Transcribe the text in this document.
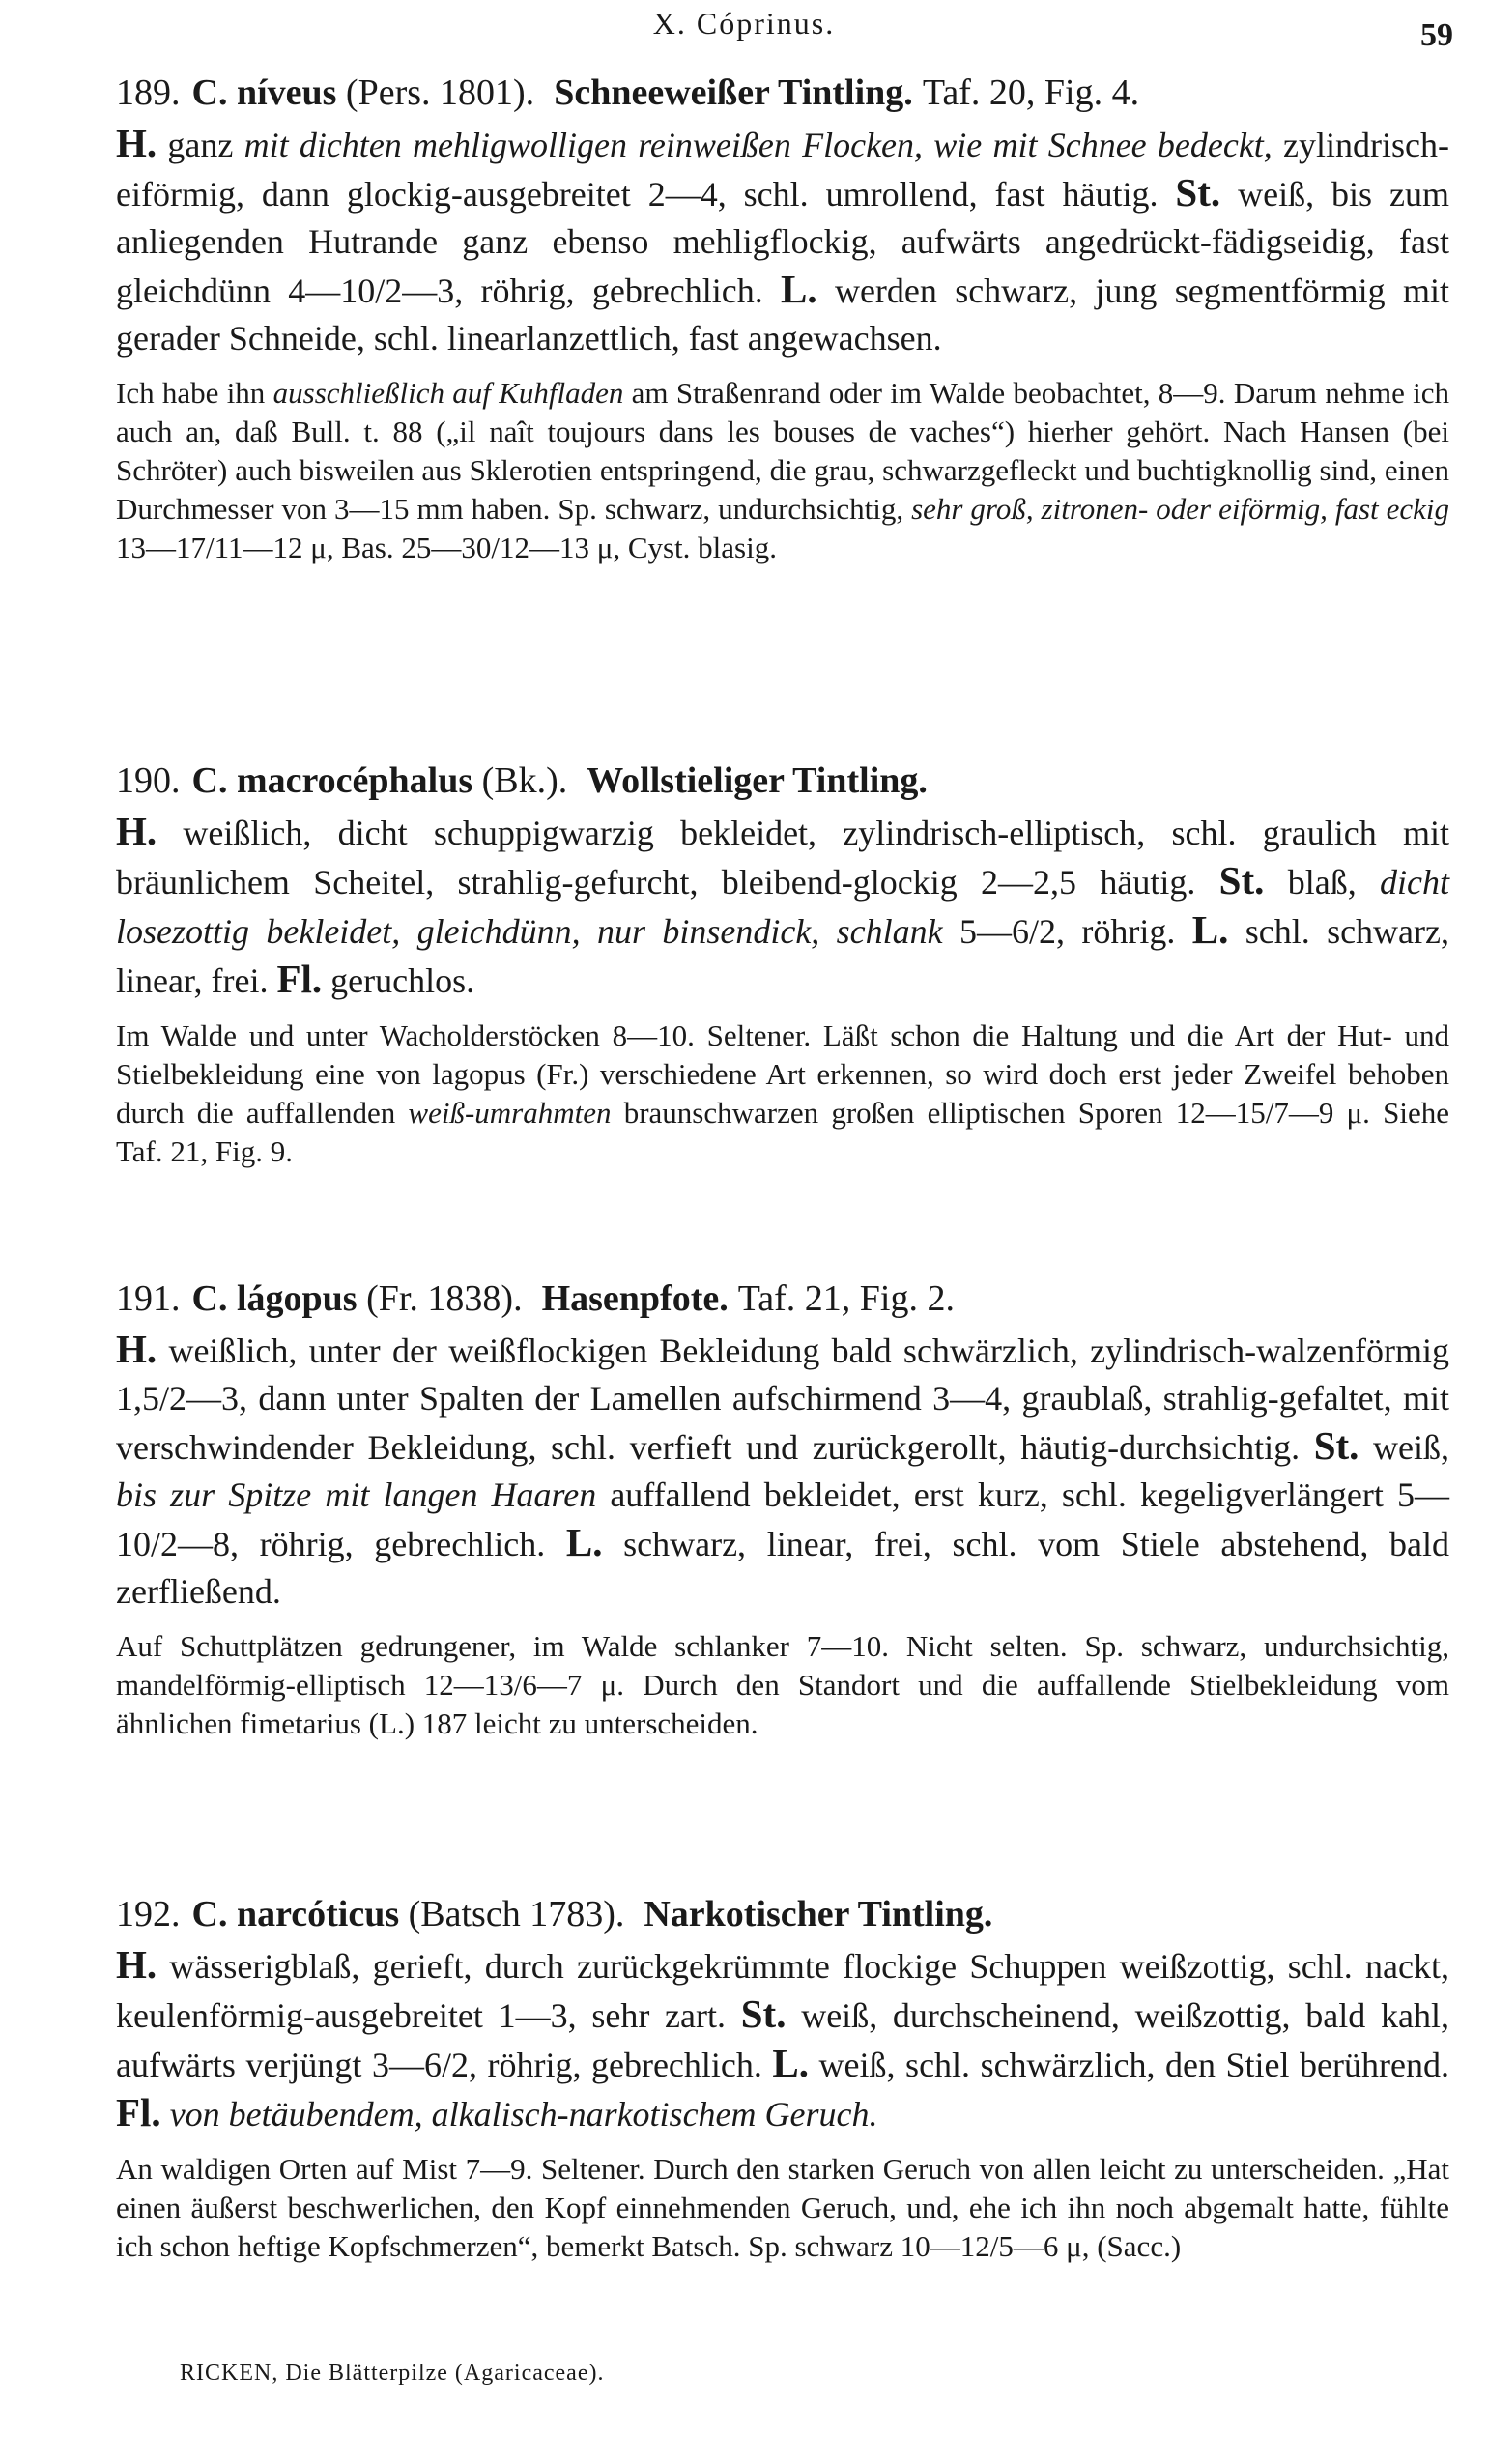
X. Cóprinus.	59

189. C. níveus (Pers. 1801). Schneeweißer Tintling. Taf. 20, Fig. 4.

H. ganz mit dichten mehligwolligen reinweißen Flocken, wie mit Schnee bedeckt, zylindrisch-eiförmig, dann glockig-ausgebreitet 2—4, schl. umrollend, fast häutig. St. weiß, bis zum anliegenden Hutrande ganz ebenso mehligflockig, aufwärts angedrückt-fädigseidig, fast gleichdünn 4—10/2—3, röhrig, gebrechlich. L. werden schwarz, jung segmentförmig mit gerader Schneide, schl. linearlanzettlich, fast angewachsen.

Ich habe ihn ausschließlich auf Kuhfladen am Straßenrand oder im Walde beobachtet, 8—9. Darum nehme ich auch an, daß Bull. t. 88 („il naît toujours dans les bouses de vaches“) hierher gehört. Nach Hansen (bei Schröter) auch bisweilen aus Sklerotien entspringend, die grau, schwarzgefleckt und buchtigknollig sind, einen Durchmesser von 3—15 mm haben. Sp. schwarz, undurchsichtig, sehr groß, zitronen- oder eiförmig, fast eckig 13—17/11—12 μ, Bas. 25—30/12—13 μ, Cyst. blasig.

190. C. macrocéphalus (Bk.). Wollstieliger Tintling.

H. weißlich, dicht schuppigwarzig bekleidet, zylindrisch-elliptisch, schl. graulich mit bräunlichem Scheitel, strahlig-gefurcht, bleibend-glockig 2—2,5 häutig. St. blaß, dicht losezottig bekleidet, gleichdünn, nur binsendick, schlank 5—6/2, röhrig. L. schl. schwarz, linear, frei. Fl. geruchlos.

Im Walde und unter Wacholderstöcken 8—10. Seltener. Läßt schon die Haltung und die Art der Hut- und Stielbekleidung eine von lagopus (Fr.) verschiedene Art erkennen, so wird doch erst jeder Zweifel behoben durch die auffallenden weiß-umrahmten braunschwarzen großen elliptischen Sporen 12—15/7—9 μ. Siehe Taf. 21, Fig. 9.

191. C. lágopus (Fr. 1838). Hasenpfote. Taf. 21, Fig. 2.

H. weißlich, unter der weißflockigen Bekleidung bald schwärzlich, zylindrisch-walzenförmig 1,5/2—3, dann unter Spalten der Lamellen aufschirmend 3—4, graublaß, strahlig-gefaltet, mit verschwindender Bekleidung, schl. verfieft und zurückgerollt, häutig-durchsichtig. St. weiß, bis zur Spitze mit langen Haaren auffallend bekleidet, erst kurz, schl. kegeligverlängert 5—10/2—8, röhrig, gebrechlich. L. schwarz, linear, frei, schl. vom Stiele abstehend, bald zerfließend.

Auf Schuttplätzen gedrungener, im Walde schlanker 7—10. Nicht selten. Sp. schwarz, undurchsichtig, mandelförmig-elliptisch 12—13/6—7 μ. Durch den Standort und die auffallende Stielbekleidung vom ähnlichen fimetarius (L.) 187 leicht zu unterscheiden.

192. C. narcóticus (Batsch 1783). Narkotischer Tintling.

H. wässerigblaß, gerieft, durch zurückgekrümmte flockige Schuppen weißzottig, schl. nackt, keulenförmig-ausgebreitet 1—3, sehr zart. St. weiß, durchscheinend, weißzottig, bald kahl, aufwärts verjüngt 3—6/2, röhrig, gebrechlich. L. weiß, schl. schwärzlich, den Stiel berührend. Fl. von betäubendem, alkalisch-narkotischem Geruch.

An waldigen Orten auf Mist 7—9. Seltener. Durch den starken Geruch von allen leicht zu unterscheiden. „Hat einen äußerst beschwerlichen, den Kopf einnehmenden Geruch, und, ehe ich ihn noch abgemalt hatte, fühlte ich schon heftige Kopfschmerzen“, bemerkt Batsch. Sp. schwarz 10—12/5—6 μ, (Sacc.)

RICKEN, Die Blätterpilze (Agaricaceae).
